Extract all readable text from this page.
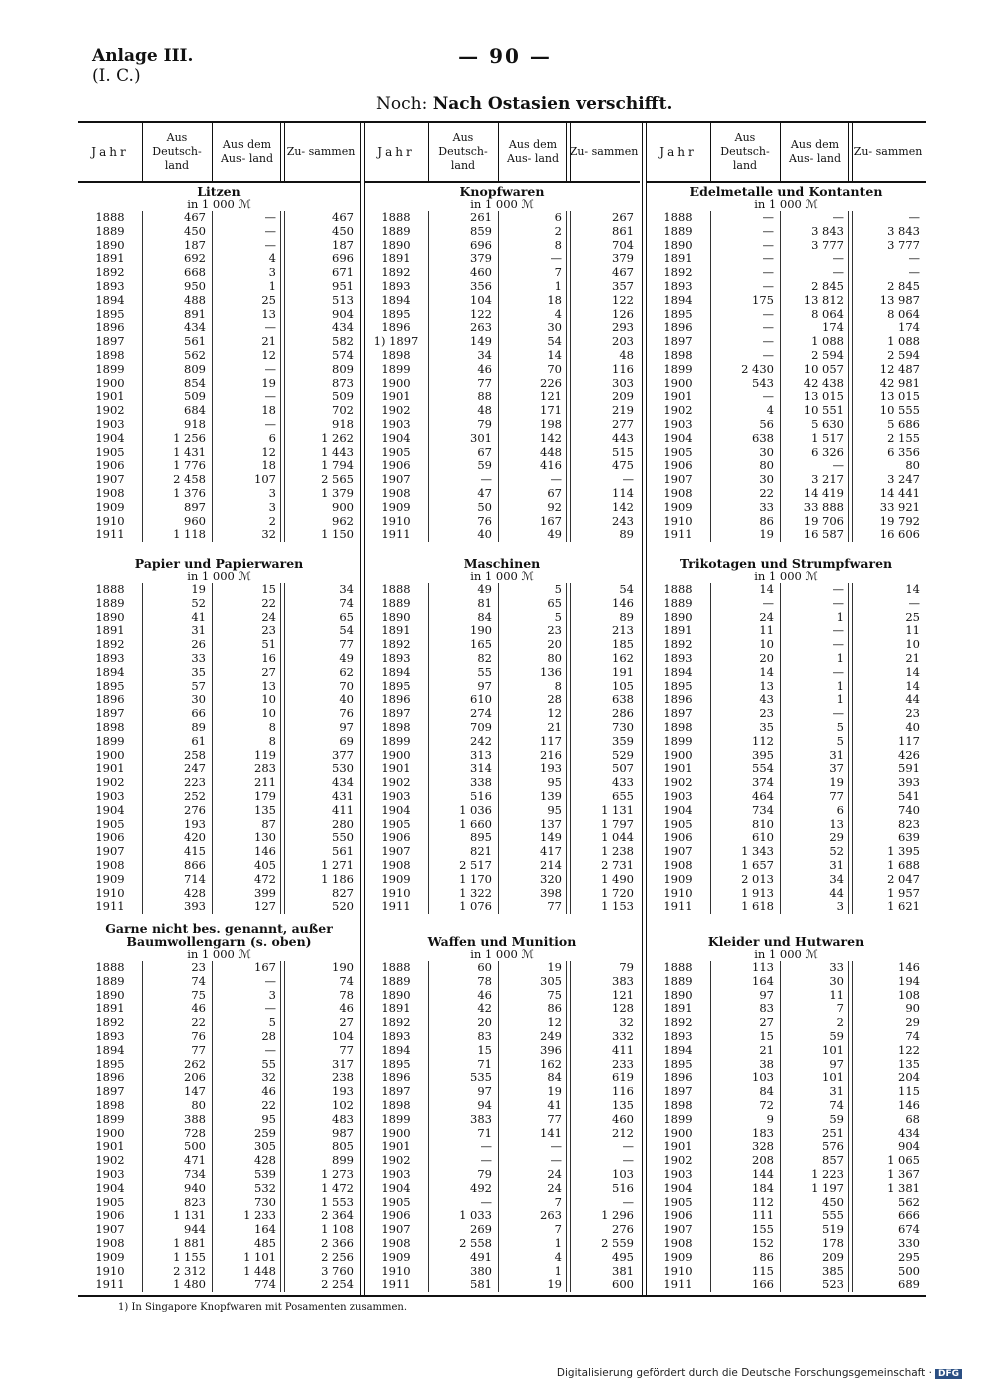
Anlage III.
(I. C.)
— 90 —
Noch: Nach Ostasien verschifft.
Jahr
Aus Deutsch- land
Aus dem Aus- land
Zu- sammen
Litzen
in 1 000 ℳ
1888	467	—	467
1889	450	—	450
1890	187	—	187
1891	692	4	696
1892	668	3	671
1893	950	1	951
1894	488	25	513
1895	891	13	904
1896	434	—	434
1897	561	21	582
1898	562	12	574
1899	809	—	809
1900	854	19	873
1901	509	—	509
1902	684	18	702
1903	918	—	918
1904	1 256	6	1 262
1905	1 431	12	1 443
1906	1 776	18	1 794
1907	2 458	107	2 565
1908	1 376	3	1 379
1909	897	3	900
1910	960	2	962
1911	1 118	32	1 150
Papier und Papierwaren
in 1 000 ℳ
1888	19	15	34
1889	52	22	74
1890	41	24	65
1891	31	23	54
1892	26	51	77
1893	33	16	49
1894	35	27	62
1895	57	13	70
1896	30	10	40
1897	66	10	76
1898	89	8	97
1899	61	8	69
1900	258	119	377
1901	247	283	530
1902	223	211	434
1903	252	179	431
1904	276	135	411
1905	193	87	280
1906	420	130	550
1907	415	146	561
1908	866	405	1 271
1909	714	472	1 186
1910	428	399	827
1911	393	127	520
Garne nicht bes. genannt, außer Baumwollengarn (s. oben)
in 1 000 ℳ
1888	23	167	190
1889	74	—	74
1890	75	3	78
1891	46	—	46
1892	22	5	27
1893	76	28	104
1894	77	—	77
1895	262	55	317
1896	206	32	238
1897	147	46	193
1898	80	22	102
1899	388	95	483
1900	728	259	987
1901	500	305	805
1902	471	428	899
1903	734	539	1 273
1904	940	532	1 472
1905	823	730	1 553
1906	1 131	1 233	2 364
1907	944	164	1 108
1908	1 881	485	2 366
1909	1 155	1 101	2 256
1910	2 312	1 448	3 760
1911	1 480	774	2 254
Jahr
Aus Deutsch- land
Aus dem Aus- land
Zu- sammen
Knopfwaren
in 1 000 ℳ
1888	261	6	267
1889	859	2	861
1890	696	8	704
1891	379	—	379
1892	460	7	467
1893	356	1	357
1894	104	18	122
1895	122	4	126
1896	263	30	293
1) 1897	149	54	203
1898	34	14	48
1899	46	70	116
1900	77	226	303
1901	88	121	209
1902	48	171	219
1903	79	198	277
1904	301	142	443
1905	67	448	515
1906	59	416	475
1907	—	—	—
1908	47	67	114
1909	50	92	142
1910	76	167	243
1911	40	49	89
Maschinen
in 1 000 ℳ
1888	49	5	54
1889	81	65	146
1890	84	5	89
1891	190	23	213
1892	165	20	185
1893	82	80	162
1894	55	136	191
1895	97	8	105
1896	610	28	638
1897	274	12	286
1898	709	21	730
1899	242	117	359
1900	313	216	529
1901	314	193	507
1902	338	95	433
1903	516	139	655
1904	1 036	95	1 131
1905	1 660	137	1 797
1906	895	149	1 044
1907	821	417	1 238
1908	2 517	214	2 731
1909	1 170	320	1 490
1910	1 322	398	1 720
1911	1 076	77	1 153
Waffen und Munition
in 1 000 ℳ
1888	60	19	79
1889	78	305	383
1890	46	75	121
1891	42	86	128
1892	20	12	32
1893	83	249	332
1894	15	396	411
1895	71	162	233
1896	535	84	619
1897	97	19	116
1898	94	41	135
1899	383	77	460
1900	71	141	212
1901	—	—	—
1902	—	—	—
1903	79	24	103
1904	492	24	516
1905	—	7	—
1906	1 033	263	1 296
1907	269	7	276
1908	2 558	1	2 559
1909	491	4	495
1910	380	1	381
1911	581	19	600
Jahr
Aus Deutsch- land
Aus dem Aus- land
Zu- sammen
Edelmetalle und Kontanten
in 1 000 ℳ
1888	—	—	—
1889	—	3 843	3 843
1890	—	3 777	3 777
1891	—	—	—
1892	—	—	—
1893	—	2 845	2 845
1894	175	13 812	13 987
1895	—	8 064	8 064
1896	—	174	174
1897	—	1 088	1 088
1898	—	2 594	2 594
1899	2 430	10 057	12 487
1900	543	42 438	42 981
1901	—	13 015	13 015
1902	4	10 551	10 555
1903	56	5 630	5 686
1904	638	1 517	2 155
1905	30	6 326	6 356
1906	80	—	80
1907	30	3 217	3 247
1908	22	14 419	14 441
1909	33	33 888	33 921
1910	86	19 706	19 792
1911	19	16 587	16 606
Trikotagen und Strumpfwaren
in 1 000 ℳ
1888	14	—	14
1889	—	—	—
1890	24	1	25
1891	11	—	11
1892	10	—	10
1893	20	1	21
1894	14	—	14
1895	13	1	14
1896	43	1	44
1897	23	—	23
1898	35	5	40
1899	112	5	117
1900	395	31	426
1901	554	37	591
1902	374	19	393
1903	464	77	541
1904	734	6	740
1905	810	13	823
1906	610	29	639
1907	1 343	52	1 395
1908	1 657	31	1 688
1909	2 013	34	2 047
1910	1 913	44	1 957
1911	1 618	3	1 621
Kleider und Hutwaren
in 1 000 ℳ
1888	113	33	146
1889	164	30	194
1890	97	11	108
1891	83	7	90
1892	27	2	29
1893	15	59	74
1894	21	101	122
1895	38	97	135
1896	103	101	204
1897	84	31	115
1898	72	74	146
1899	9	59	68
1900	183	251	434
1901	328	576	904
1902	208	857	1 065
1903	144	1 223	1 367
1904	184	1 197	1 381
1905	112	450	562
1906	111	555	666
1907	155	519	674
1908	152	178	330
1909	86	209	295
1910	115	385	500
1911	166	523	689
1) In Singapore Knopfwaren mit Posamenten zusammen.
Digitalisierung gefördert durch die Deutsche Forschungsgemeinschaft · DFG
